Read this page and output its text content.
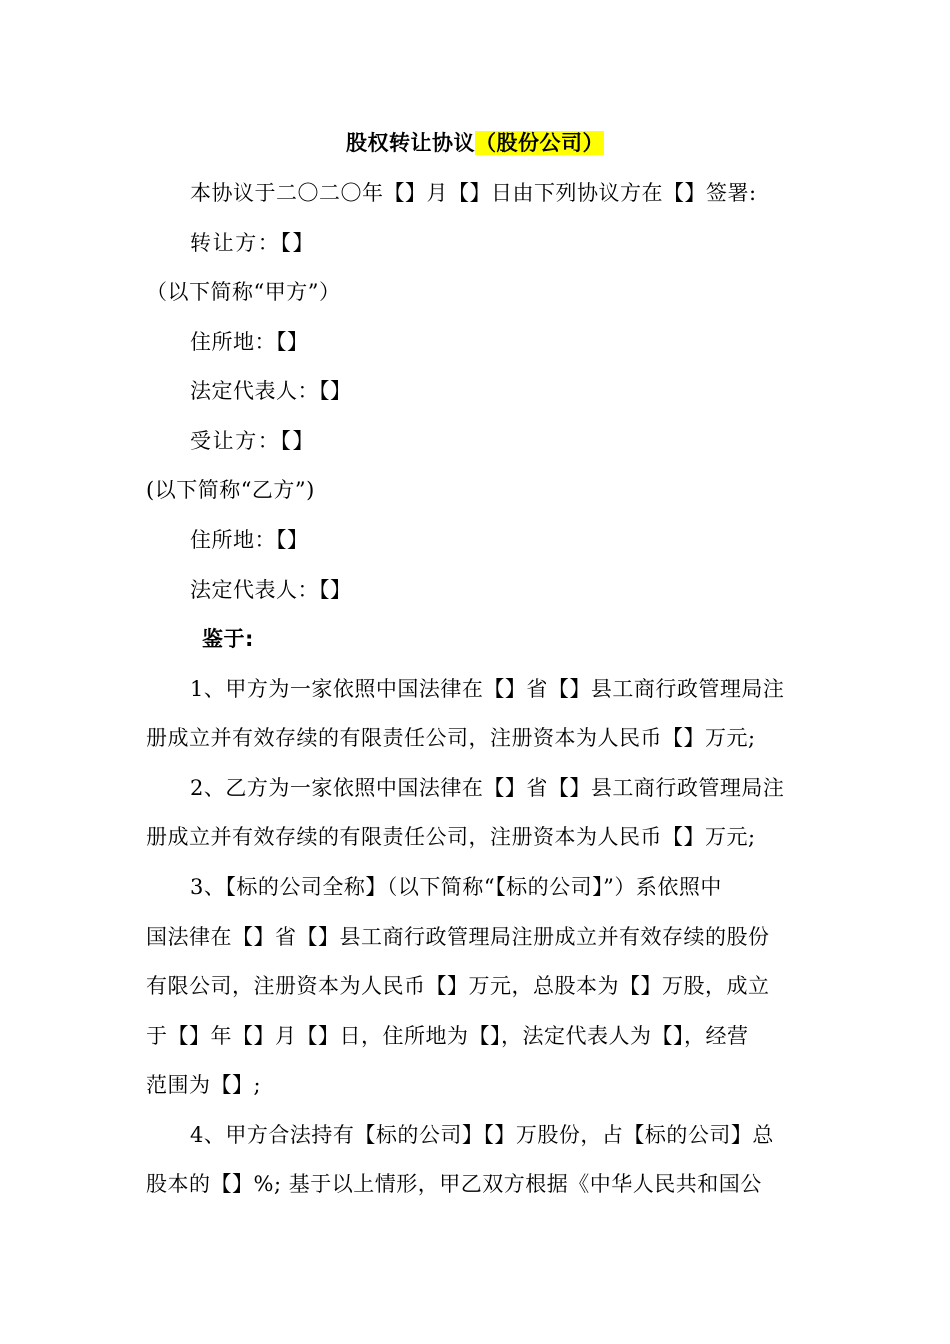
股权转让协议（股份公司）
本协议于二〇二〇年【】月【】日由下列协议方在【】签署:
转让方：【】
（以下简称“甲方”）
住所地：【】
法定代表人：【】
受让方：【】
(以下简称“乙方”)
住所地：【】
法定代表人：【】
鉴于:
1、甲方为一家依照中国法律在【】省【】县工商行政管理局注
册成立并有效存续的有限责任公司，注册资本为人民币【】万元;
2、乙方为一家依照中国法律在【】省【】县工商行政管理局注
册成立并有效存续的有限责任公司，注册资本为人民币【】万元;
3、【标的公司全称】（以下简称“【标的公司】”）系依照中
国法律在【】省【】县工商行政管理局注册成立并有效存续的股份
有限公司，注册资本为人民币【】万元，总股本为【】万股，成立
于【】年【】月【】日，住所地为【】，法定代表人为【】，经营
范围为【】;
4、甲方合法持有【标的公司】【】万股份，占【标的公司】总
股本的【】%; 基于以上情形，甲乙双方根据《中华人民共和国公
